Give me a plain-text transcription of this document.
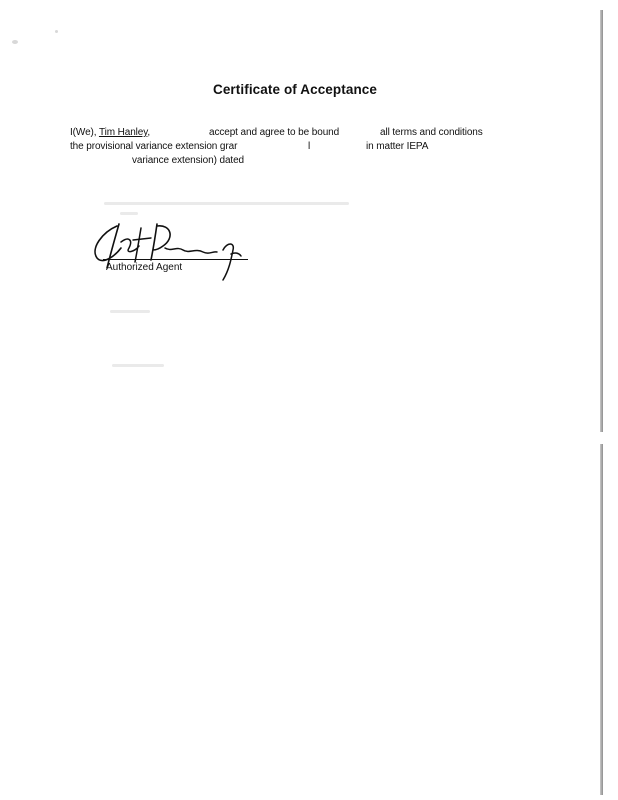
Certificate of Acceptance
I(We), Tim Hanley,	accept and agree to be bound	all terms and conditions
the provisional variance extension grar	l	in matter IEPA
variance extension) dated
Authorized Agent
